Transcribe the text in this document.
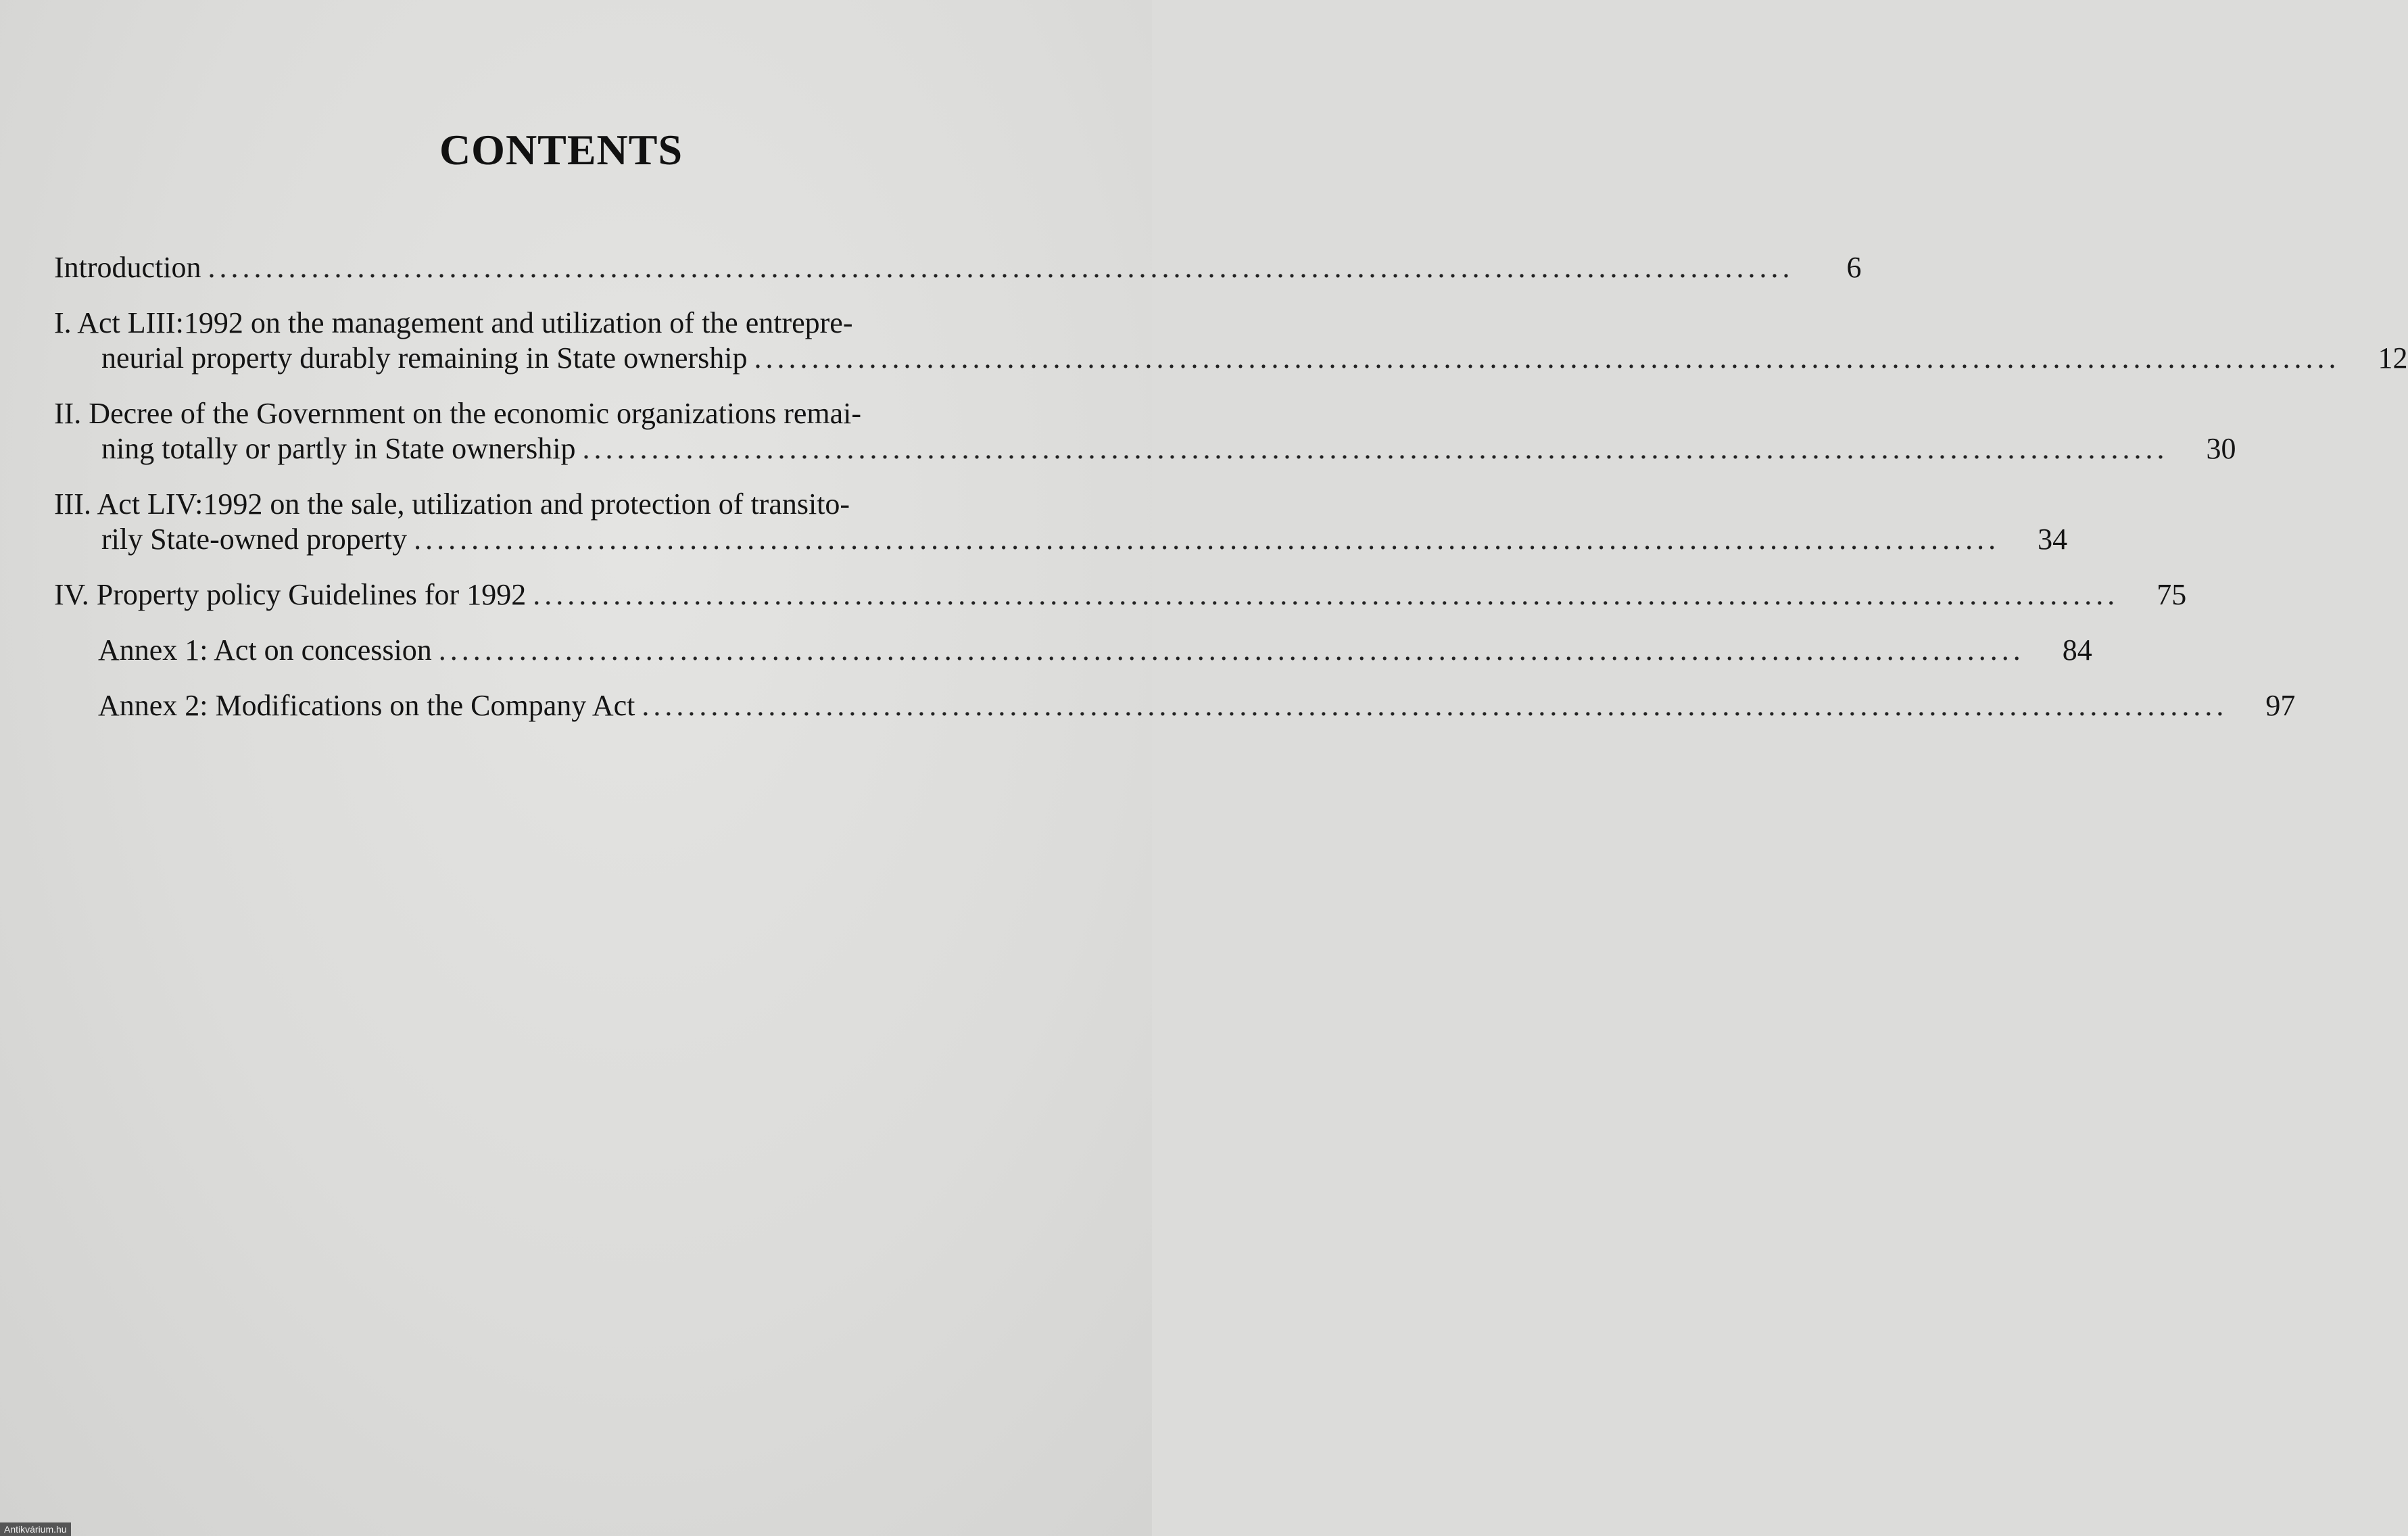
CONTENTS
Introduction ..........................................................................................................................................	6
I. Act LIII:1992 on the management and utilization of the entrepre-
neurial property durably remaining in State ownership ..........................................................................................................................................	12
II. Decree of the Government on the economic organizations remai-
ning totally or partly in State ownership ..........................................................................................................................................	30
III. Act LIV:1992 on the sale, utilization and protection of transito-
rily State-owned property ..........................................................................................................................................	34
IV. Property policy Guidelines for 1992 ..........................................................................................................................................	75
Annex 1: Act on concession ..........................................................................................................................................	84
Annex 2: Modifications on the Company Act ..........................................................................................................................................	97
Antikvárium.hu
